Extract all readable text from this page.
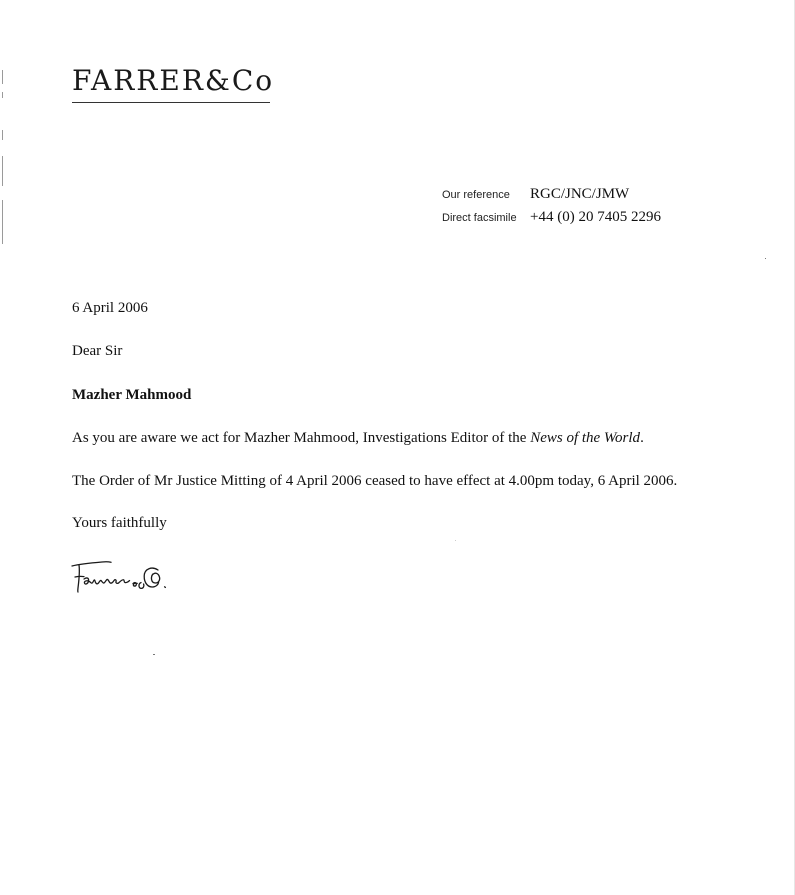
FARRER&Co
Our reference	RGC/JNC/JMW
Direct facsimile +44 (0) 20 7405 2296
6 April 2006
Dear Sir
Mazher Mahmood
As you are aware we act for Mazher Mahmood, Investigations Editor of the News of the World.
The Order of Mr Justice Mitting of 4 April 2006 ceased to have effect at 4.00pm today, 6 April 2006.
Yours faithfully
